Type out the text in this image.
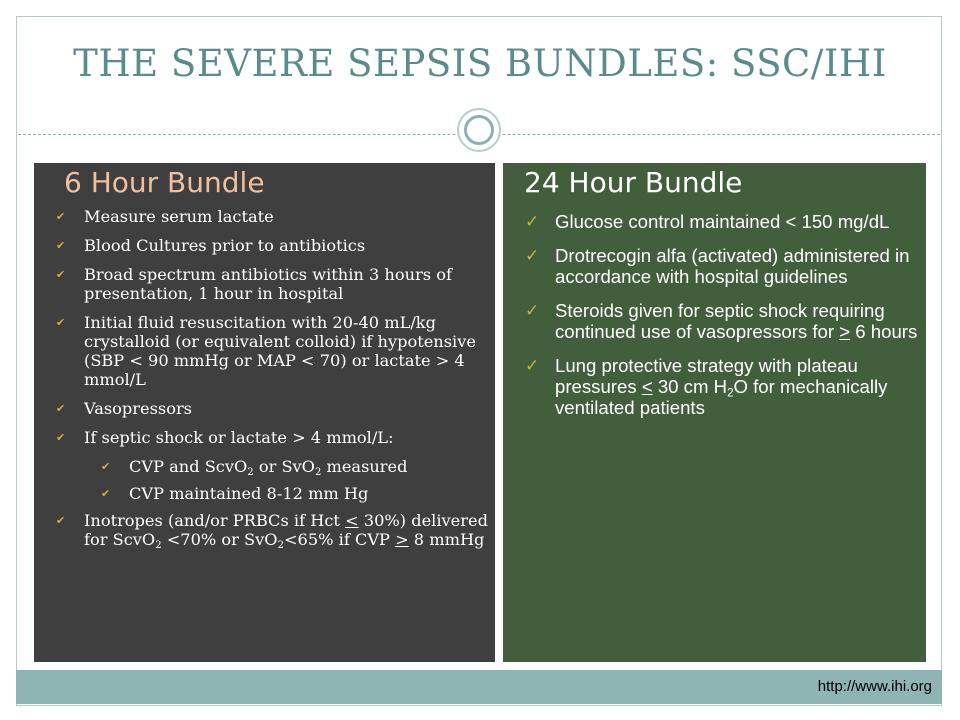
THE SEVERE SEPSIS BUNDLES: SSC/IHI
6 Hour Bundle
✔ Measure serum lactate
✔ Blood Cultures prior to antibiotics
✔ Broad spectrum antibiotics within 3 hours of presentation, 1 hour in hospital
✔ Initial fluid resuscitation with 20-40 mL/kg crystalloid (or equivalent colloid) if hypotensive (SBP < 90 mmHg or MAP < 70) or lactate > 4 mmol/L
✔ Vasopressors
✔ If septic shock or lactate > 4 mmol/L:
✔ CVP and ScvO$_2$ or SvO$_2$ measured
✔ CVP maintained 8-12 mm Hg
✔ Inotropes (and/or PRBCs if Hct < 30%) delivered for ScvO$_2$ <70% or SvO$_2$<65% if CVP > 8 mmHg
24 Hour Bundle
✓ Glucose control maintained < 150 mg/dL
✓ Drotrecogin alfa (activated) administered in accordance with hospital guidelines
✓ Steroids given for septic shock requiring continued use of vasopressors for > 6 hours
✓ Lung protective strategy with plateau pressures < 30 cm $H_2O$ for mechanically ventilated patients
http://www.ihi.org
